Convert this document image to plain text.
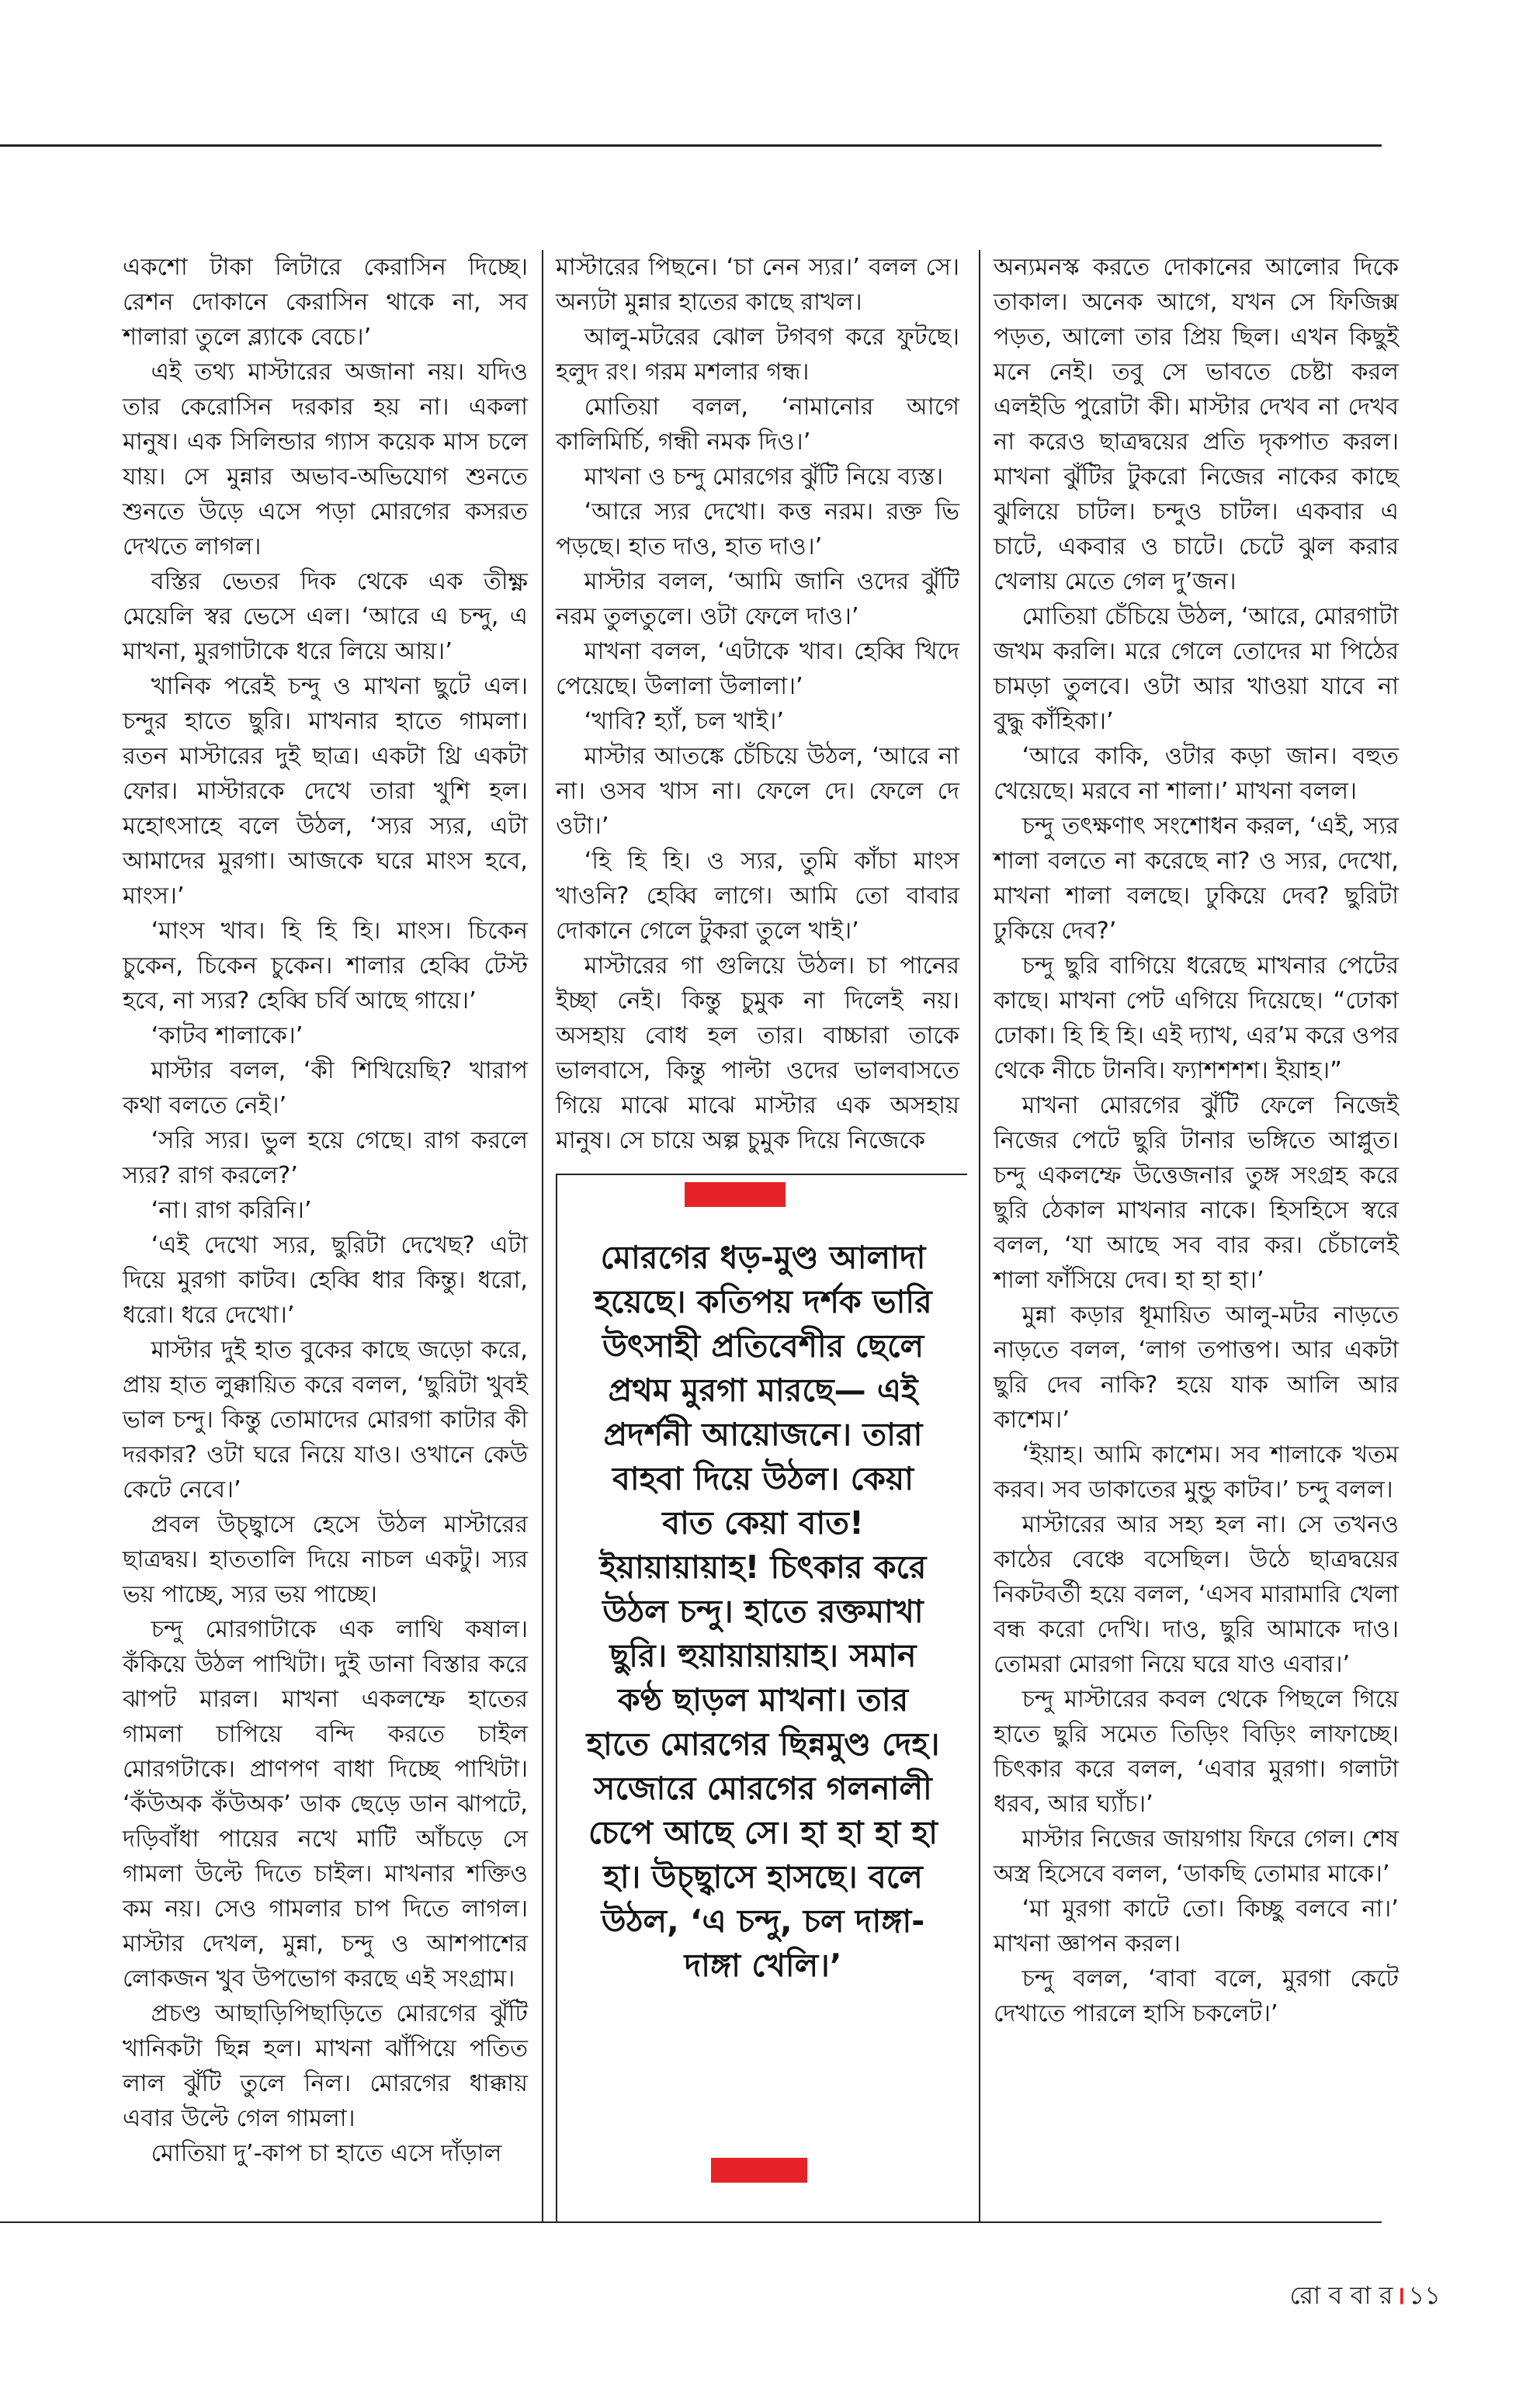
একশো টাকা লিটারে কেরাসিন দিচ্ছে। রেশন দোকানে কেরাসিন থাকে না, সব শালারা তুলে ব্ল্যাকে বেচে।’

এই তথ্য মাস্টারের অজানা নয়। যদিও তার কেরোসিন দরকার হয় না। একলা মানুষ। এক সিলিন্ডার গ্যাস কয়েক মাস চলে যায়। সে মুন্নার অভাব-অভিযোগ শুনতে শুনতে উড়ে এসে পড়া মোরগের কসরত দেখতে লাগল।

বস্তির ভেতর দিক থেকে এক তীক্ষ্ণ মেয়েলি স্বর ভেসে এল। ‘আরে এ চন্দু, এ মাখনা, মুরগাটাকে ধরে লিয়ে আয়।’

খানিক পরেই চন্দু ও মাখনা ছুটে এল। চন্দুর হাতে ছুরি। মাখনার হাতে গামলা। রতন মাস্টারের দুই ছাত্র। একটা থ্রি একটা ফোর। মাস্টারকে দেখে তারা খুশি হল। মহোৎসাহে বলে উঠল, ‘স্যর স্যর, এটা আমাদের মুরগা। আজকে ঘরে মাংস হবে, মাংস।’

‘মাংস খাব। হি হি হি। মাংস। চিকেন চুকেন, চিকেন চুকেন। শালার হেব্বি টেস্ট হবে, না স্যর? হেব্বি চর্বি আছে গায়ে।’

‘কাটব শালাকে।’

মাস্টার বলল, ‘কী শিখিয়েছি? খারাপ কথা বলতে নেই।’

‘সরি স্যর। ভুল হয়ে গেছে। রাগ করলে স্যর? রাগ করলে?’

‘না। রাগ করিনি।’

‘এই দেখো স্যর, ছুরিটা দেখেছ? এটা দিয়ে মুরগা কাটব। হেব্বি ধার কিন্তু। ধরো, ধরো। ধরে দেখো।’

মাস্টার দুই হাত বুকের কাছে জড়ো করে, প্রায় হাত লুক্কায়িত করে বলল, ‘ছুরিটা খুবই ভাল চন্দু। কিন্তু তোমাদের মোরগা কাটার কী দরকার? ওটা ঘরে নিয়ে যাও। ওখানে কেউ কেটে নেবে।’

প্রবল উচ্ছ্বাসে হেসে উঠল মাস্টারের ছাত্রদ্বয়। হাততালি দিয়ে নাচল একটু। স্যর ভয় পাচ্ছে, স্যর ভয় পাচ্ছে।

চন্দু মোরগাটাকে এক লাথি কষাল। কঁকিয়ে উঠল পাখিটা। দুই ডানা বিস্তার করে ঝাপট মারল। মাখনা একলম্ফে হাতের গামলা চাপিয়ে বন্দি করতে চাইল মোরগটাকে। প্রাণপণ বাধা দিচ্ছে পাখিটা। ‘কঁউঅক কঁউঅক’ ডাক ছেড়ে ডান ঝাপটে, দড়িবাঁধা পায়ের নখে মাটি আঁচড়ে সে গামলা উল্টে দিতে চাইল। মাখনার শক্তিও কম নয়। সেও গামলার চাপ দিতে লাগল। মাস্টার দেখল, মুন্না, চন্দু ও আশপাশের লোকজন খুব উপভোগ করছে এই সংগ্রাম।

প্রচণ্ড আছাড়িপিছাড়িতে মোরগের ঝুঁটি খানিকটা ছিন্ন হল। মাখনা ঝাঁপিয়ে পতিত লাল ঝুঁটি তুলে নিল। মোরগের ধাক্কায় এবার উল্টে গেল গামলা।

মোতিয়া দু’-কাপ চা হাতে এসে দাঁড়াল

মাস্টারের পিছনে। ‘চা নেন স্যর।’ বলল সে। অন্যটা মুন্নার হাতের কাছে রাখল।

আলু-মটরের ঝোল টগবগ করে ফুটছে। হলুদ রং। গরম মশলার গন্ধ।

মোতিয়া বলল, ‘নামানোর আগে কালিমির্চি, গন্ধী নমক দিও।’

মাখনা ও চন্দু মোরগের ঝুঁটি নিয়ে ব্যস্ত।

‘আরে স্যর দেখো। কত্ত নরম। রক্ত ভি পড়ছে। হাত দাও, হাত দাও।’

মাস্টার বলল, ‘আমি জানি ওদের ঝুঁটি নরম তুলতুলে। ওটা ফেলে দাও।’

মাখনা বলল, ‘এটাকে খাব। হেব্বি খিদে পেয়েছে। উলালা উলালা।’

‘খাবি? হ্যাঁ, চল খাই।’

মাস্টার আতঙ্কে চেঁচিয়ে উঠল, ‘আরে না না। ওসব খাস না। ফেলে দে। ফেলে দে ওটা।’

‘হি হি হি। ও স্যর, তুমি কাঁচা মাংস খাওনি? হেব্বি লাগে। আমি তো বাবার দোকানে গেলে টুকরা তুলে খাই।’

মাস্টারের গা গুলিয়ে উঠল। চা পানের ইচ্ছা নেই। কিন্তু চুমুক না দিলেই নয়। অসহায় বোধ হল তার। বাচ্চারা তাকে ভালবাসে, কিন্তু পাল্টা ওদের ভালবাসতে গিয়ে মাঝে মাঝে মাস্টার এক অসহায় মানুষ। সে চায়ে অল্প চুমুক দিয়ে নিজেকে

মোরগের ধড়-মুণ্ড আলাদা হয়েছে। কতিপয় দর্শক ভারি উৎসাহী প্রতিবেশীর ছেলে প্রথম মুরগা মারছে— এই প্রদর্শনী আয়োজনে। তারা বাহবা দিয়ে উঠল। কেয়া বাত কেয়া বাত! ইয়ায়ায়ায়াহ! চিৎকার করে উঠল চন্দু। হাতে রক্তমাখা ছুরি। হুয়ায়ায়ায়াহ। সমান কণ্ঠ ছাড়ল মাখনা। তার হাতে মোরগের ছিন্নমুণ্ড দেহ। সজোরে মোরগের গলনালী চেপে আছে সে। হা হা হা হা হা। উচ্ছ্বাসে হাসছে। বলে উঠল, ‘এ চন্দু, চল দাঙ্গা-দাঙ্গা খেলি।’

অন্যমনস্ক করতে দোকানের আলোর দিকে তাকাল। অনেক আগে, যখন সে ফিজিক্স পড়ত, আলো তার প্রিয় ছিল। এখন কিছুই মনে নেই। তবু সে ভাবতে চেষ্টা করল এলইডি পুরোটা কী। মাস্টার দেখব না দেখব না করেও ছাত্রদ্বয়ের প্রতি দৃকপাত করল। মাখনা ঝুঁটির টুকরো নিজের নাকের কাছে ঝুলিয়ে চাটল। চন্দুও চাটল। একবার এ চাটে, একবার ও চাটে। চেটে ঝুল করার খেলায় মেতে গেল দু’জন।

মোতিয়া চেঁচিয়ে উঠল, ‘আরে, মোরগাটা জখম করলি। মরে গেলে তোদের মা পিঠের চামড়া তুলবে। ওটা আর খাওয়া যাবে না বুদ্ধু কাঁহিকা।’

‘আরে কাকি, ওটার কড়া জান। বহুত খেয়েছে। মরবে না শালা।’ মাখনা বলল।

চন্দু তৎক্ষণাৎ সংশোধন করল, ‘এই, স্যর শালা বলতে না করেছে না? ও স্যর, দেখো, মাখনা শালা বলছে। ঢুকিয়ে দেব? ছুরিটা ঢুকিয়ে দেব?’

চন্দু ছুরি বাগিয়ে ধরেছে মাখনার পেটের কাছে। মাখনা পেট এগিয়ে দিয়েছে। “ঢোকা ঢোকা। হি হি হি। এই দ্যাখ, এর’ম করে ওপর থেকে নীচে টানবি। ফ্যাশশশশ। ইয়াহ।”

মাখনা মোরগের ঝুঁটি ফেলে নিজেই নিজের পেটে ছুরি টানার ভঙ্গিতে আপ্লুত। চন্দু একলম্ফে উত্তেজনার তুঙ্গ সংগ্রহ করে ছুরি ঠেকাল মাখনার নাকে। হিসহিসে স্বরে বলল, ‘যা আছে সব বার কর। চেঁচালেই শালা ফাঁসিয়ে দেব। হা হা হা।’

মুন্না কড়ার ধূমায়িত আলু-মটর নাড়তে নাড়তে বলল, ‘লাগ তপাত্তপ। আর একটা ছুরি দেব নাকি? হয়ে যাক আলি আর কাশেম।’

‘ইয়াহ। আমি কাশেম। সব শালাকে খতম করব। সব ডাকাতের মুন্ডু কাটব।’ চন্দু বলল।

মাস্টারের আর সহ্য হল না। সে তখনও কাঠের বেঞ্চে বসেছিল। উঠে ছাত্রদ্বয়ের নিকটবর্তী হয়ে বলল, ‘এসব মারামারি খেলা বন্ধ করো দেখি। দাও, ছুরি আমাকে দাও। তোমরা মোরগা নিয়ে ঘরে যাও এবার।’

চন্দু মাস্টারের কবল থেকে পিছলে গিয়ে হাতে ছুরি সমেত তিড়িং বিড়িং লাফাচ্ছে। চিৎকার করে বলল, ‘এবার মুরগা। গলাটা ধরব, আর ঘ্যাঁচ।’

মাস্টার নিজের জায়গায় ফিরে গেল। শেষ অস্ত্র হিসেবে বলল, ‘ডাকছি তোমার মাকে।’

‘মা মুরগা কাটে তো। কিচ্ছু বলবে না।’ মাখনা জ্ঞাপন করল।

চন্দু বলল, ‘বাবা বলে, মুরগা কেটে দেখাতে পারলে হাসি চকলেট।’

রো ব বা র । ১১
